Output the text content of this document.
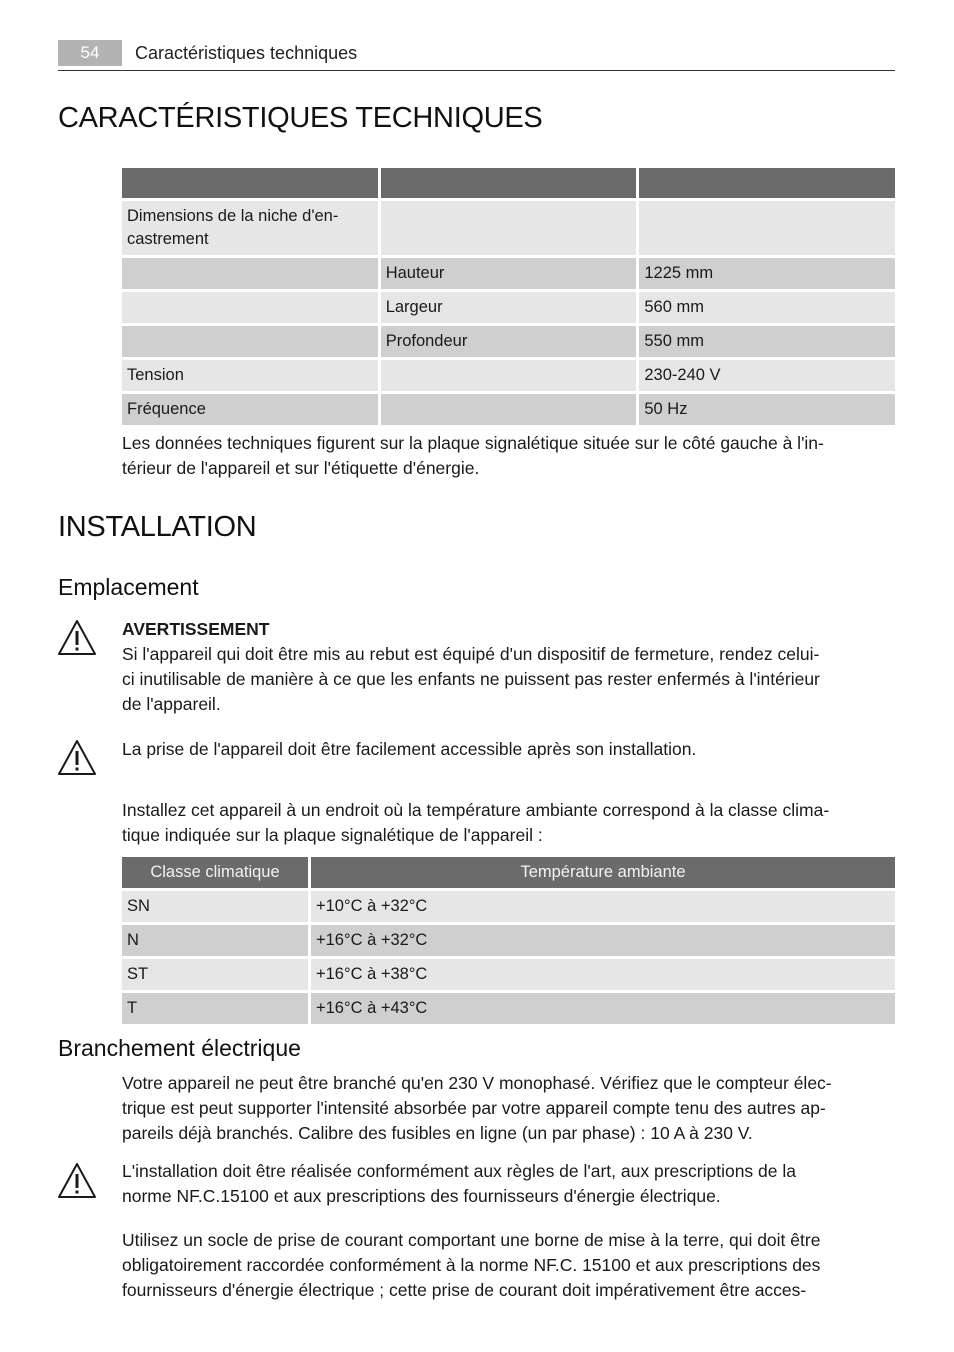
54	Caractéristiques techniques
CARACTÉRISTIQUES TECHNIQUES

Dimensions de la niche d'en-
castrement		
	Hauteur	1225 mm
	Largeur	560 mm
	Profondeur	550 mm
Tension		230-240 V
Fréquence		50 Hz

Les données techniques figurent sur la plaque signalétique située sur le côté gauche à l'in-
térieur de l'appareil et sur l'étiquette d'énergie.

INSTALLATION
Emplacement

AVERTISSEMENT

Si l'appareil qui doit être mis au rebut est équipé d'un dispositif de fermeture, rendez celui-
ci inutilisable de manière à ce que les enfants ne puissent pas rester enfermés à l'intérieur
de l'appareil.

La prise de l'appareil doit être facilement accessible après son installation.

Installez cet appareil à un endroit où la température ambiante correspond à la classe clima-
tique indiquée sur la plaque signalétique de l'appareil :

Classe climatique	Température ambiante
SN	+10°C à +32°C
N	+16°C à +32°C
ST	+16°C à +38°C
T	+16°C à +43°C
Branchement électrique

Votre appareil ne peut être branché qu'en 230 V monophasé. Vérifiez que le compteur élec-
trique est peut supporter l'intensité absorbée par votre appareil compte tenu des autres ap-
pareils déjà branchés. Calibre des fusibles en ligne (un par phase) : 10 A à 230 V.

L'installation doit être réalisée conformément aux règles de l'art, aux prescriptions de la
norme NF.C.15100 et aux prescriptions des fournisseurs d'énergie électrique.

Utilisez un socle de prise de courant comportant une borne de mise à la terre, qui doit être
obligatoirement raccordée conformément à la norme NF.C. 15100 et aux prescriptions des
fournisseurs d'énergie électrique ; cette prise de courant doit impérativement être acces-
